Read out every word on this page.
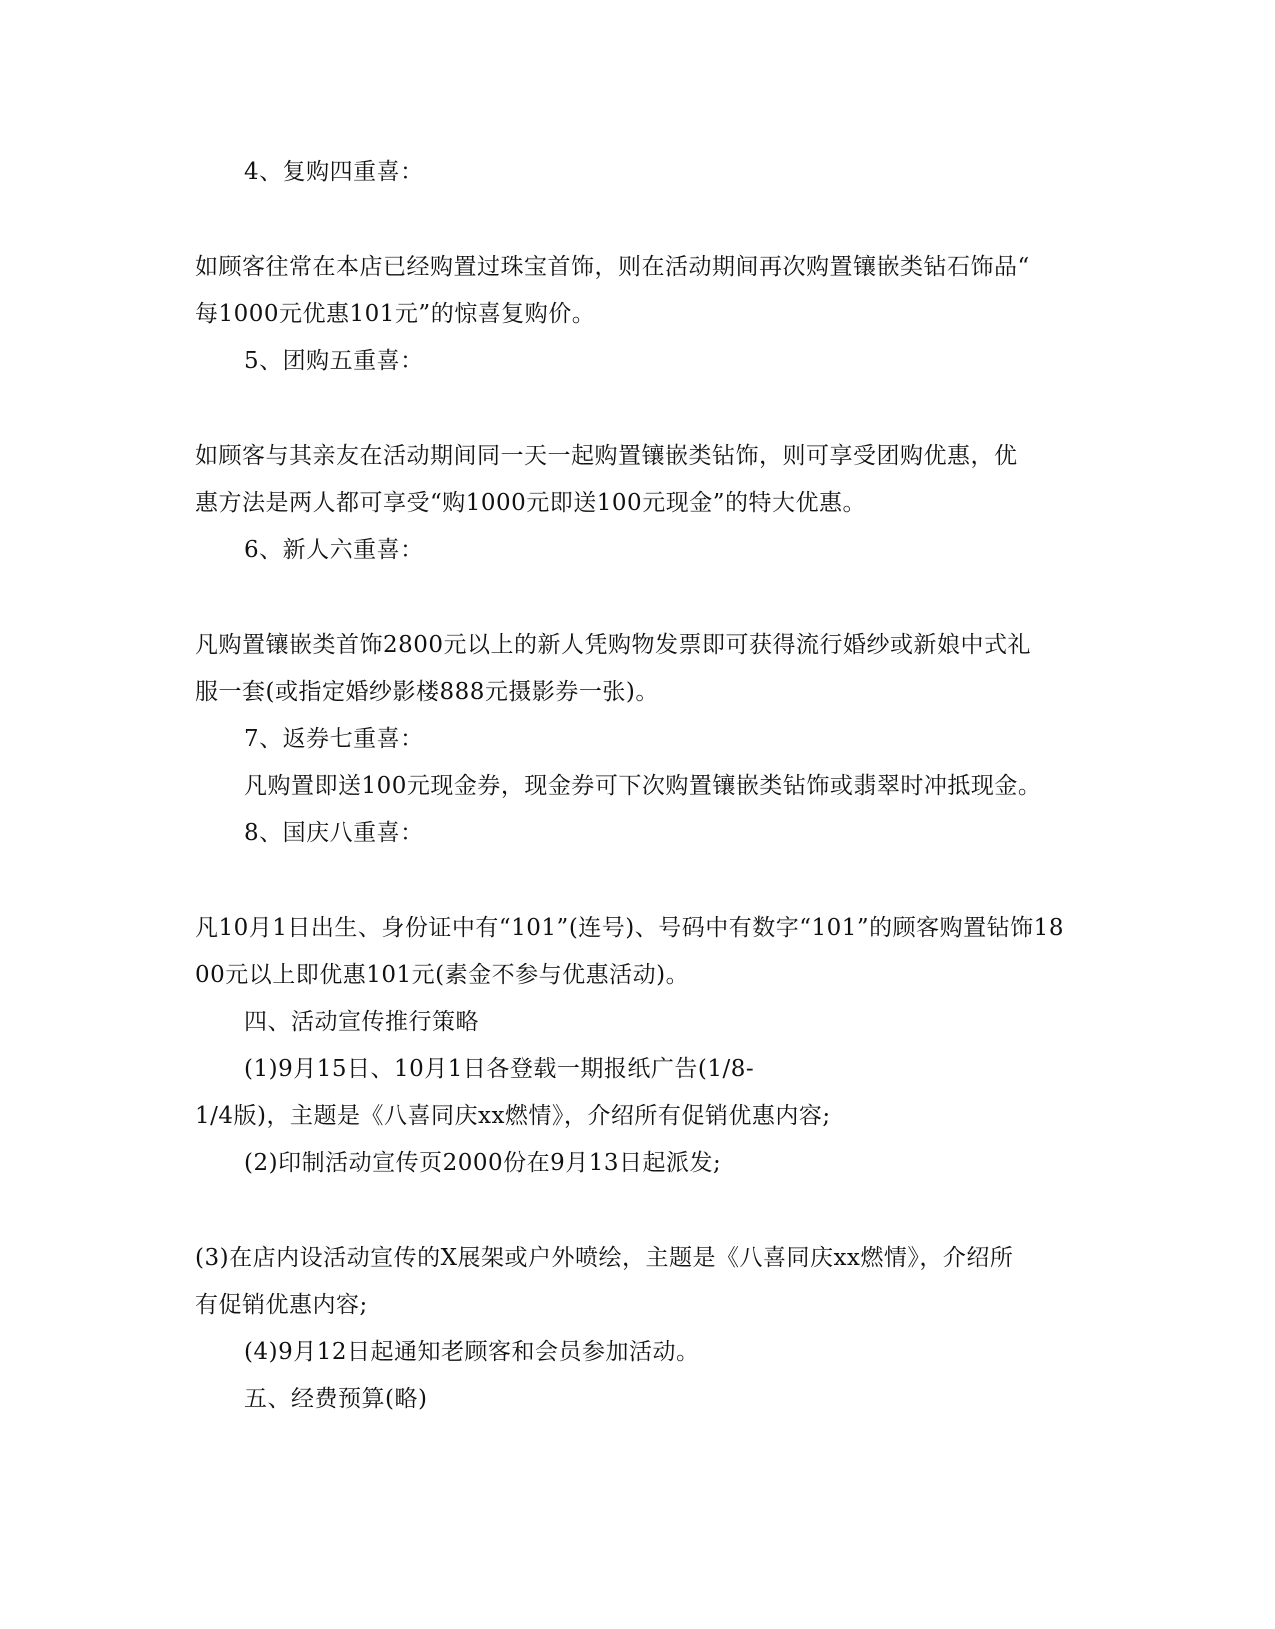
4、复购四重喜：
如顾客往常在本店已经购置过珠宝首饰，则在活动期间再次购置镶嵌类钻石饰品“
每1000元优惠101元”的惊喜复购价。
5、团购五重喜：
如顾客与其亲友在活动期间同一天一起购置镶嵌类钻饰，则可享受团购优惠，优
惠方法是两人都可享受“购1000元即送100元现金”的特大优惠。
6、新人六重喜：
凡购置镶嵌类首饰2800元以上的新人凭购物发票即可获得流行婚纱或新娘中式礼
服一套(或指定婚纱影楼888元摄影券一张)。
7、返券七重喜：
凡购置即送100元现金券，现金券可下次购置镶嵌类钻饰或翡翠时冲抵现金。
8、国庆八重喜：
凡10月1日出生、身份证中有“101”(连号)、号码中有数字“101”的顾客购置钻饰18
00元以上即优惠101元(素金不参与优惠活动)。
四、活动宣传推行策略
(1)9月15日、10月1日各登载一期报纸广告(1/8-
1/4版)，主题是《八喜同庆xx燃情》，介绍所有促销优惠内容;
(2)印制活动宣传页2000份在9月13日起派发;
(3)在店内设活动宣传的X展架或户外喷绘，主题是《八喜同庆xx燃情》，介绍所
有促销优惠内容;
(4)9月12日起通知老顾客和会员参加活动。
五、经费预算(略)
